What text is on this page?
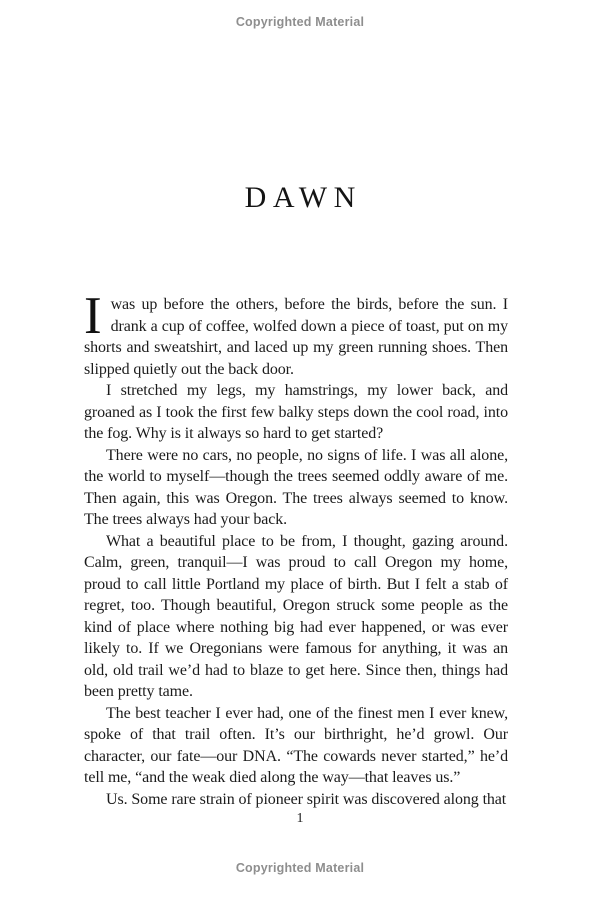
Copyrighted Material
DAWN

Iwas up before the others, before the birds, before the sun. I drank a cup of coffee, wolfed down a piece of toast, put on my shorts and sweatshirt, and laced up my green running shoes. Then slipped quietly out the back door.

I stretched my legs, my hamstrings, my lower back, and groaned as I took the first few balky steps down the cool road, into the fog. Why is it always so hard to get started?

There were no cars, no people, no signs of life. I was all alone, the world to myself—though the trees seemed oddly aware of me. Then again, this was Oregon. The trees always seemed to know. The trees always had your back.

What a beautiful place to be from, I thought, gazing around. Calm, green, tranquil—I was proud to call Oregon my home, proud to call little Portland my place of birth. But I felt a stab of regret, too. Though beautiful, Oregon struck some people as the kind of place where nothing big had ever happened, or was ever likely to. If we Oregonians were famous for anything, it was an old, old trail we’d had to blaze to get here. Since then, things had been pretty tame.

The best teacher I ever had, one of the finest men I ever knew, spoke of that trail often. It’s our birthright, he’d growl. Our character, our fate—our DNA. “The cowards never started,” he’d tell me, “and the weak died along the way—that leaves us.”

Us. Some rare strain of pioneer spirit was discovered along that

1
Copyrighted Material
